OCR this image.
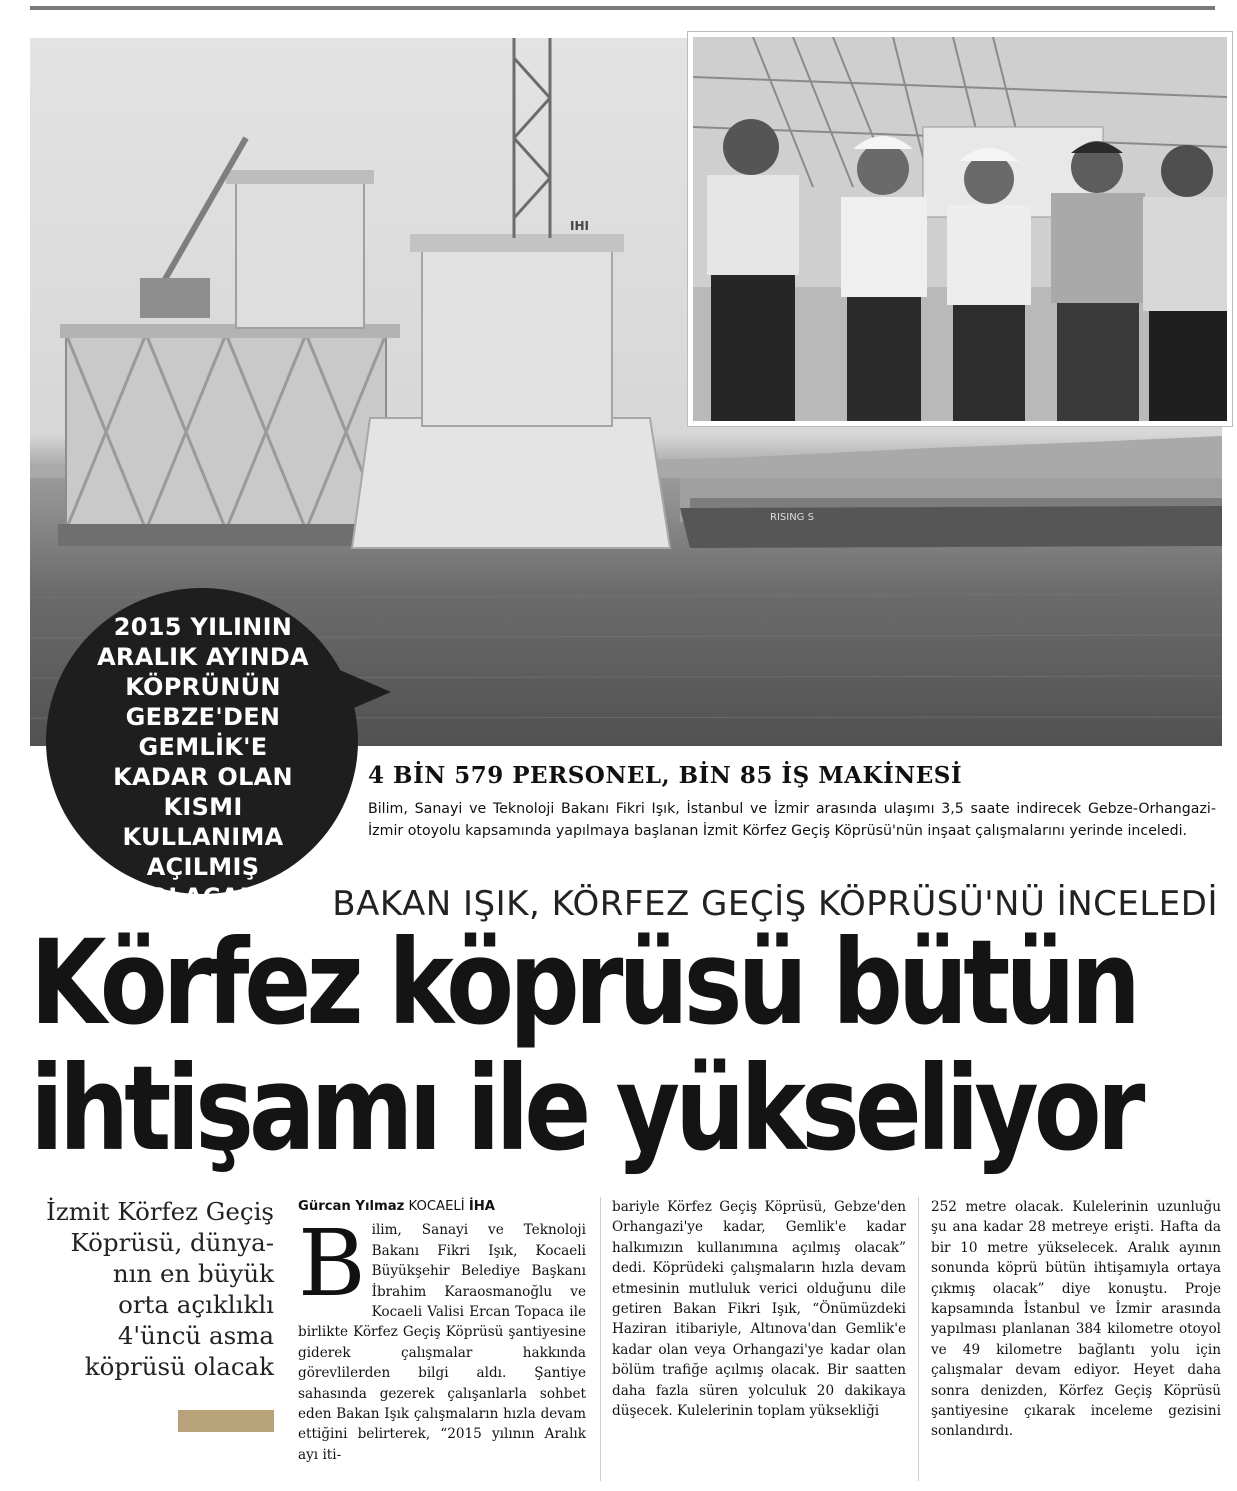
IHI
RISING S
2015 YILININ
ARALIK AYINDA
KÖPRÜNÜN
GEBZE'DEN GEMLİK'E
KADAR OLAN KISMI
KULLANIMA AÇILMIŞ
OLACAK
4 BİN 579 PERSONEL, BİN 85 İŞ MAKİNESİ
Bilim, Sanayi ve Teknoloji Bakanı Fikri Işık, İstanbul ve İzmir arasında ulaşımı 3,5 saate indirecek Gebze-Orhangazi-İzmir otoyolu kapsamında yapılmaya başlanan İzmit Körfez Geçiş Köprüsü'nün inşaat çalışmalarını yerinde inceledi.
BAKAN IŞIK, KÖRFEZ GEÇİŞ KÖPRÜSÜ'NÜ İNCELEDİ
Körfez köprüsü bütün
ihtişamı ile yükseliyor
İzmit Körfez Geçiş
Köprüsü, dünya-
nın en büyük
orta açıklıklı
4'üncü asma
köprüsü olacak
Gürcan Yılmaz KOCAELİ İHA
B ilim, Sanayi ve Teknoloji Bakanı Fikri Işık, Kocaeli Büyükşehir Belediye Başkanı İbrahim Karaosmanoğlu ve Kocaeli Valisi Ercan Topaca ile birlikte Körfez Geçiş Köprüsü şantiyesine giderek çalışmalar hakkında görevlilerden bilgi aldı. Şantiye sahasında gezerek çalışanlarla sohbet eden Bakan Işık çalışmaların hızla devam ettiğini belirterek, “2015 yılının Aralık ayı iti-

bariyle Körfez Geçiş Köprüsü, Gebze'den Orhangazi'ye kadar, Gemlik'e kadar halkımızın kullanımına açılmış olacak” dedi. Köprüdeki çalışmaların hızla devam etmesinin mutluluk verici olduğunu dile getiren Bakan Fikri Işık, “Önümüzdeki Haziran itibariyle, Altınova'dan Gemlik'e kadar olan veya Orhangazi'ye kadar olan bölüm trafiğe açılmış olacak. Bir saatten daha fazla süren yolculuk 20 dakikaya düşecek. Kulelerinin toplam yüksekliği

252 metre olacak. Kulelerinin uzunluğu şu ana kadar 28 metreye erişti. Hafta da bir 10 metre yükselecek. Aralık ayının sonunda köprü bütün ihtişamıyla ortaya çıkmış olacak” diye konuştu. Proje kapsamında İstanbul ve İzmir arasında yapılması planlanan 384 kilometre otoyol ve 49 kilometre bağlantı yolu için çalışmalar devam ediyor. Heyet daha sonra denizden, Körfez Geçiş Köprüsü şantiyesine çıkarak inceleme gezisini sonlandırdı.
